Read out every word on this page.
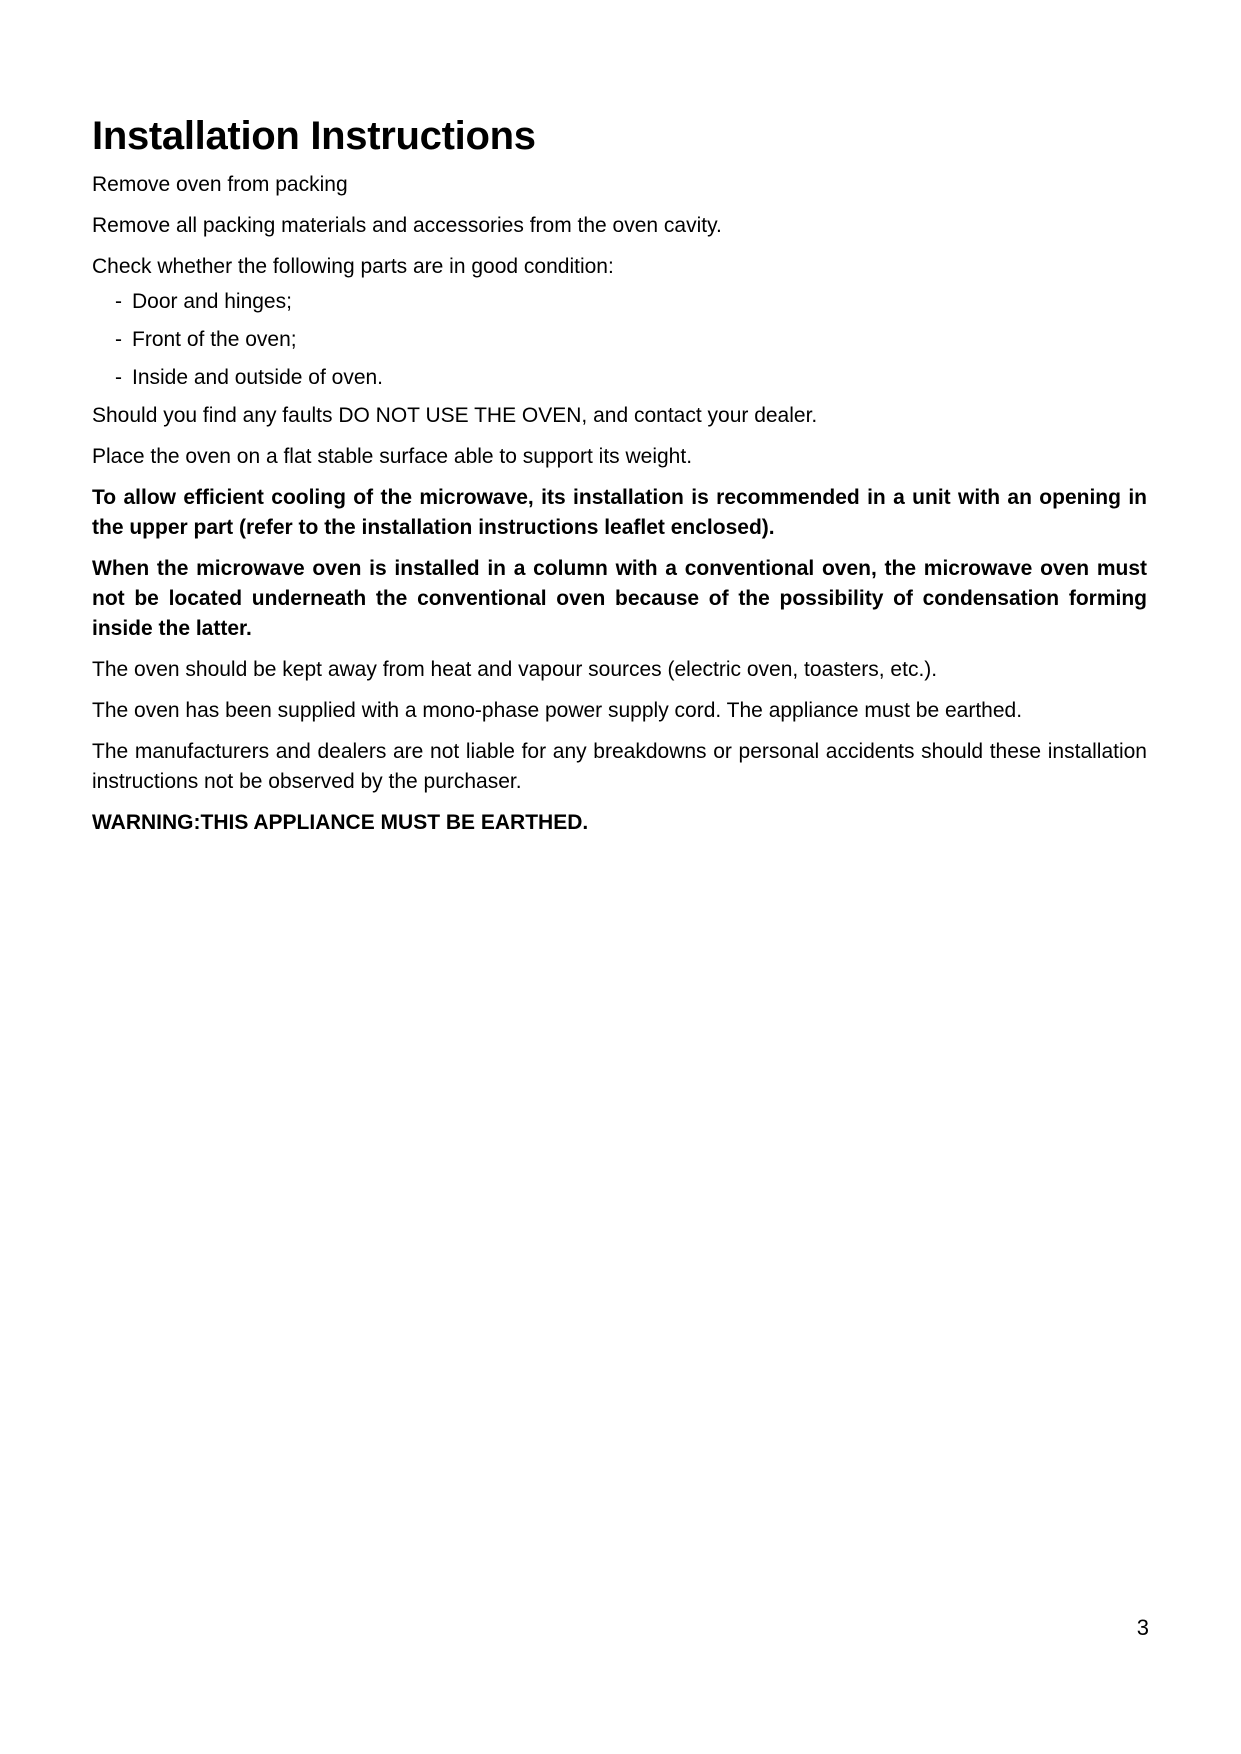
Installation Instructions

Remove oven from packing

Remove all packing materials and accessories from the oven cavity.

Check whether the following parts are in good condition:

- Door and hinges;
- Front of the oven;
- Inside and outside of oven.

Should you find any faults DO NOT USE THE OVEN, and contact your dealer.

Place the oven on a flat stable surface able to support its weight.

To allow efficient cooling of the microwave, its installation is recommended in a unit with an opening in the upper part (refer to the installation instructions leaflet enclosed).

When the microwave oven is installed in a column with a conventional oven, the microwave oven must not be located underneath the conventional oven because of the possibility of condensation forming inside the latter.

The oven should be kept away from heat and vapour sources (electric oven, toasters, etc.).

The oven has been supplied with a mono-phase power supply cord. The appliance must be earthed.

The manufacturers and dealers are not liable for any breakdowns or personal accidents should these installation instructions not be observed by the purchaser.

WARNING:THIS APPLIANCE MUST BE EARTHED.

3
